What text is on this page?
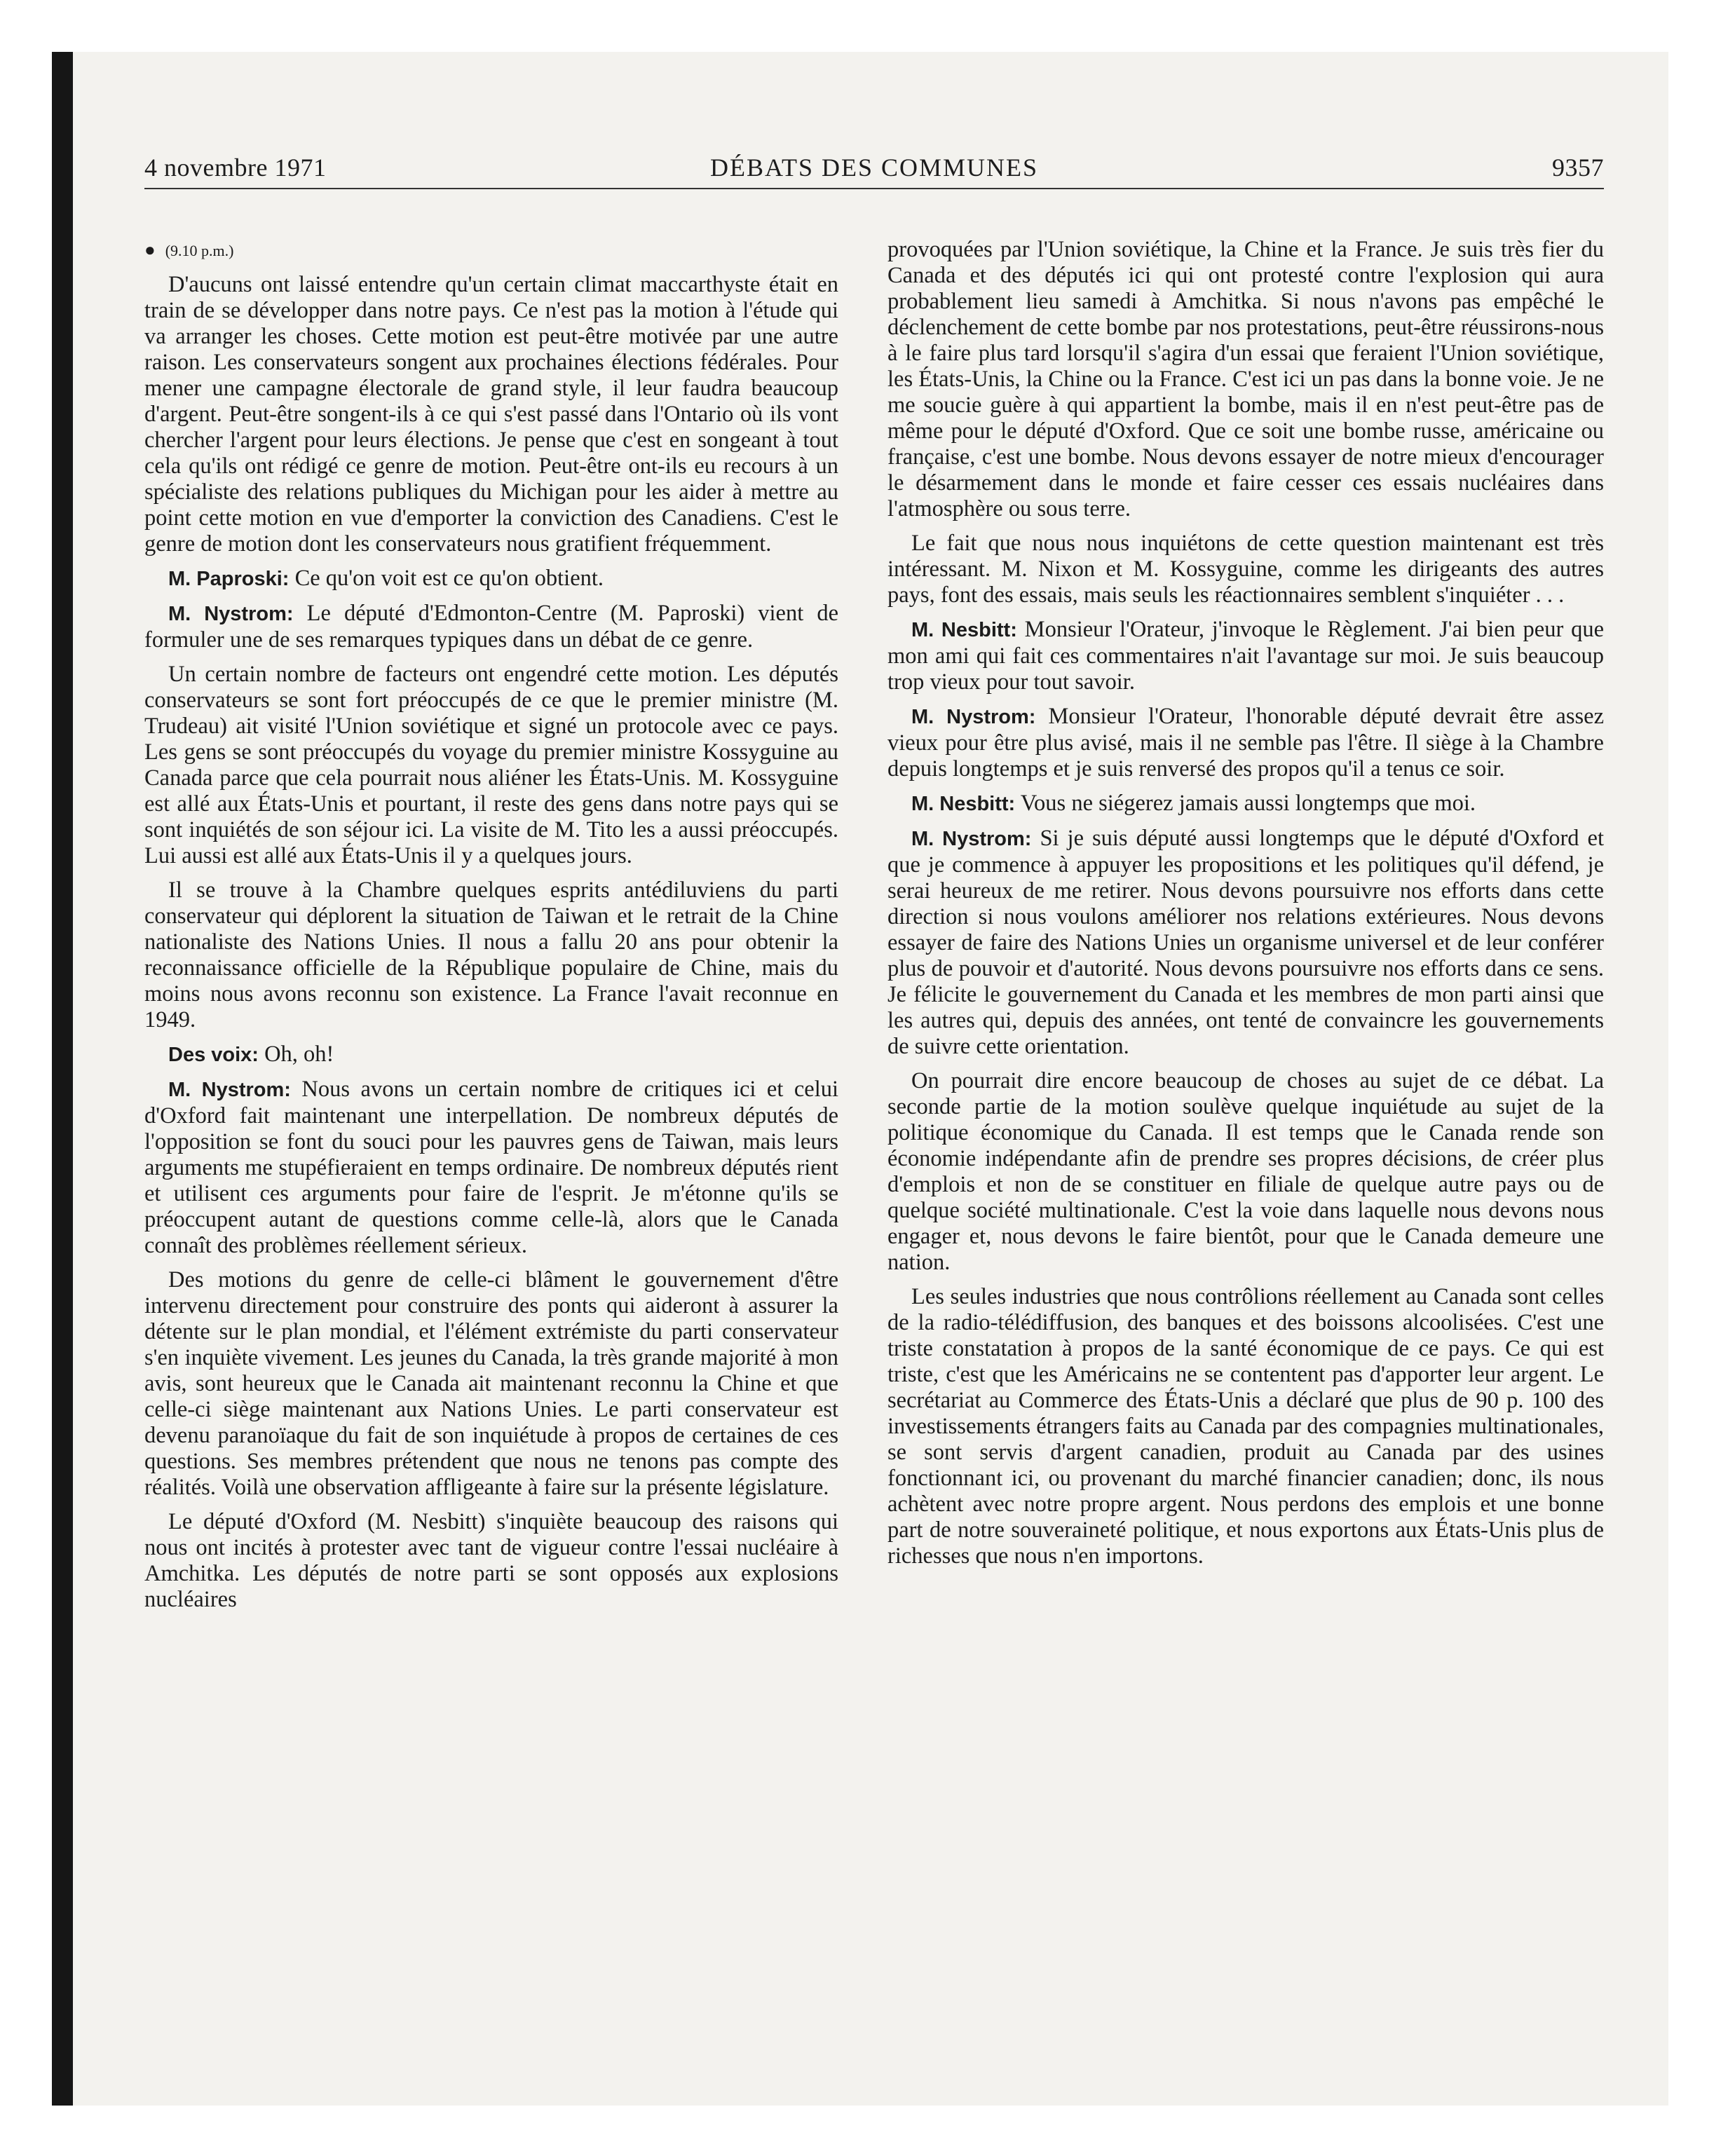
4 novembre 1971	DÉBATS DES COMMUNES	9357

● (9.10 p.m.)

D'aucuns ont laissé entendre qu'un certain climat maccarthyste était en train de se développer dans notre pays. Ce n'est pas la motion à l'étude qui va arranger les choses. Cette motion est peut-être motivée par une autre raison. Les conservateurs songent aux prochaines élections fédérales. Pour mener une campagne électorale de grand style, il leur faudra beaucoup d'argent. Peut-être songent-ils à ce qui s'est passé dans l'Ontario où ils vont chercher l'argent pour leurs élections. Je pense que c'est en songeant à tout cela qu'ils ont rédigé ce genre de motion. Peut-être ont-ils eu recours à un spécialiste des relations publiques du Michigan pour les aider à mettre au point cette motion en vue d'emporter la conviction des Canadiens. C'est le genre de motion dont les conservateurs nous gratifient fréquemment.

M. Paproski: Ce qu'on voit est ce qu'on obtient.

M. Nystrom: Le député d'Edmonton-Centre (M. Paproski) vient de formuler une de ses remarques typiques dans un débat de ce genre.

Un certain nombre de facteurs ont engendré cette motion. Les députés conservateurs se sont fort préoccupés de ce que le premier ministre (M. Trudeau) ait visité l'Union soviétique et signé un protocole avec ce pays. Les gens se sont préoccupés du voyage du premier ministre Kossyguine au Canada parce que cela pourrait nous aliéner les États-Unis. M. Kossyguine est allé aux États-Unis et pourtant, il reste des gens dans notre pays qui se sont inquiétés de son séjour ici. La visite de M. Tito les a aussi préoccupés. Lui aussi est allé aux États-Unis il y a quelques jours.

Il se trouve à la Chambre quelques esprits antédiluviens du parti conservateur qui déplorent la situation de Taiwan et le retrait de la Chine nationaliste des Nations Unies. Il nous a fallu 20 ans pour obtenir la reconnaissance officielle de la République populaire de Chine, mais du moins nous avons reconnu son existence. La France l'avait reconnue en 1949.

Des voix: Oh, oh!

M. Nystrom: Nous avons un certain nombre de critiques ici et celui d'Oxford fait maintenant une interpellation. De nombreux députés de l'opposition se font du souci pour les pauvres gens de Taiwan, mais leurs arguments me stupéfieraient en temps ordinaire. De nombreux députés rient et utilisent ces arguments pour faire de l'esprit. Je m'étonne qu'ils se préoccupent autant de questions comme celle-là, alors que le Canada connaît des problèmes réellement sérieux.

Des motions du genre de celle-ci blâment le gouvernement d'être intervenu directement pour construire des ponts qui aideront à assurer la détente sur le plan mondial, et l'élément extrémiste du parti conservateur s'en inquiète vivement. Les jeunes du Canada, la très grande majorité à mon avis, sont heureux que le Canada ait maintenant reconnu la Chine et que celle-ci siège maintenant aux Nations Unies. Le parti conservateur est devenu paranoïaque du fait de son inquiétude à propos de certaines de ces questions. Ses membres prétendent que nous ne tenons pas compte des réalités. Voilà une observation affligeante à faire sur la présente législature.

Le député d'Oxford (M. Nesbitt) s'inquiète beaucoup des raisons qui nous ont incités à protester avec tant de vigueur contre l'essai nucléaire à Amchitka. Les députés de notre parti se sont opposés aux explosions nucléaires

provoquées par l'Union soviétique, la Chine et la France. Je suis très fier du Canada et des députés ici qui ont protesté contre l'explosion qui aura probablement lieu samedi à Amchitka. Si nous n'avons pas empêché le déclenchement de cette bombe par nos protestations, peut-être réussirons-nous à le faire plus tard lorsqu'il s'agira d'un essai que feraient l'Union soviétique, les États-Unis, la Chine ou la France. C'est ici un pas dans la bonne voie. Je ne me soucie guère à qui appartient la bombe, mais il en n'est peut-être pas de même pour le député d'Oxford. Que ce soit une bombe russe, américaine ou française, c'est une bombe. Nous devons essayer de notre mieux d'encourager le désarmement dans le monde et faire cesser ces essais nucléaires dans l'atmosphère ou sous terre.

Le fait que nous nous inquiétons de cette question maintenant est très intéressant. M. Nixon et M. Kossyguine, comme les dirigeants des autres pays, font des essais, mais seuls les réactionnaires semblent s'inquiéter . . .

M. Nesbitt: Monsieur l'Orateur, j'invoque le Règlement. J'ai bien peur que mon ami qui fait ces commentaires n'ait l'avantage sur moi. Je suis beaucoup trop vieux pour tout savoir.

M. Nystrom: Monsieur l'Orateur, l'honorable député devrait être assez vieux pour être plus avisé, mais il ne semble pas l'être. Il siège à la Chambre depuis longtemps et je suis renversé des propos qu'il a tenus ce soir.

M. Nesbitt: Vous ne siégerez jamais aussi longtemps que moi.

M. Nystrom: Si je suis député aussi longtemps que le député d'Oxford et que je commence à appuyer les propositions et les politiques qu'il défend, je serai heureux de me retirer. Nous devons poursuivre nos efforts dans cette direction si nous voulons améliorer nos relations extérieures. Nous devons essayer de faire des Nations Unies un organisme universel et de leur conférer plus de pouvoir et d'autorité. Nous devons poursuivre nos efforts dans ce sens. Je félicite le gouvernement du Canada et les membres de mon parti ainsi que les autres qui, depuis des années, ont tenté de convaincre les gouvernements de suivre cette orientation.

On pourrait dire encore beaucoup de choses au sujet de ce débat. La seconde partie de la motion soulève quelque inquiétude au sujet de la politique économique du Canada. Il est temps que le Canada rende son économie indépendante afin de prendre ses propres décisions, de créer plus d'emplois et non de se constituer en filiale de quelque autre pays ou de quelque société multinationale. C'est la voie dans laquelle nous devons nous engager et, nous devons le faire bientôt, pour que le Canada demeure une nation.

Les seules industries que nous contrôlions réellement au Canada sont celles de la radio-télédiffusion, des banques et des boissons alcoolisées. C'est une triste constatation à propos de la santé économique de ce pays. Ce qui est triste, c'est que les Américains ne se contentent pas d'apporter leur argent. Le secrétariat au Commerce des États-Unis a déclaré que plus de 90 p. 100 des investissements étrangers faits au Canada par des compagnies multinationales, se sont servis d'argent canadien, produit au Canada par des usines fonctionnant ici, ou provenant du marché financier canadien; donc, ils nous achètent avec notre propre argent. Nous perdons des emplois et une bonne part de notre souveraineté politique, et nous exportons aux États-Unis plus de richesses que nous n'en importons.
